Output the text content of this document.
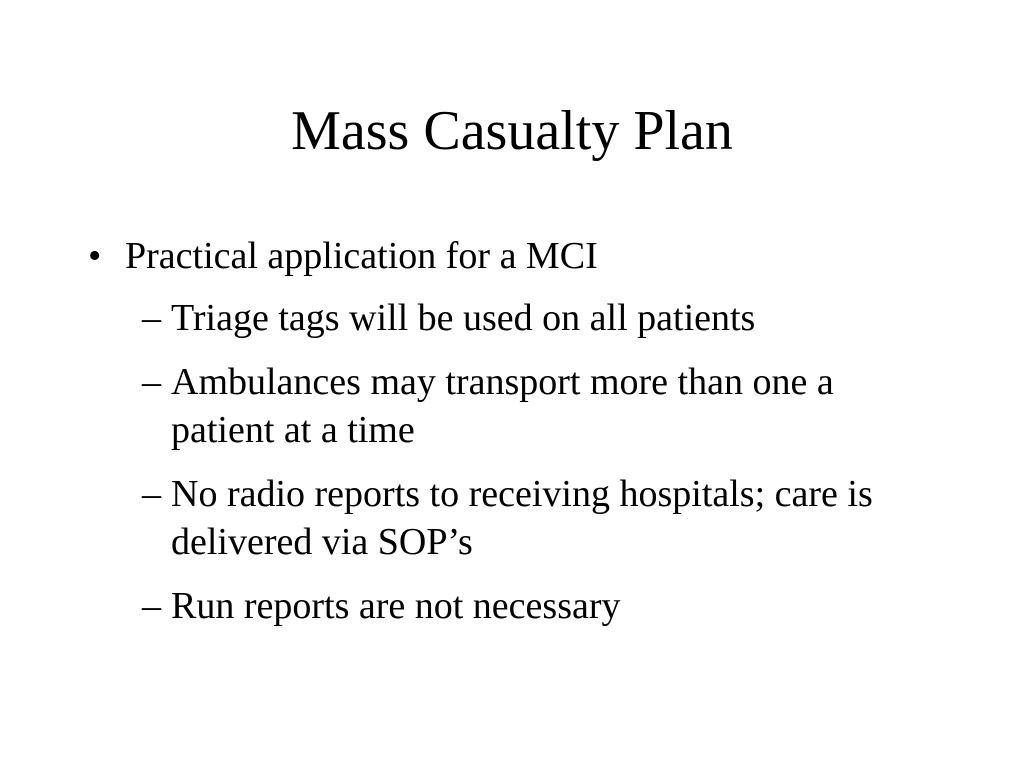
Mass Casualty Plan
• Practical application for a MCI
– Triage tags will be used on all patients
– Ambulances may transport more than one a patient at a time
– No radio reports to receiving hospitals; care is delivered via SOP’s
– Run reports are not necessary
